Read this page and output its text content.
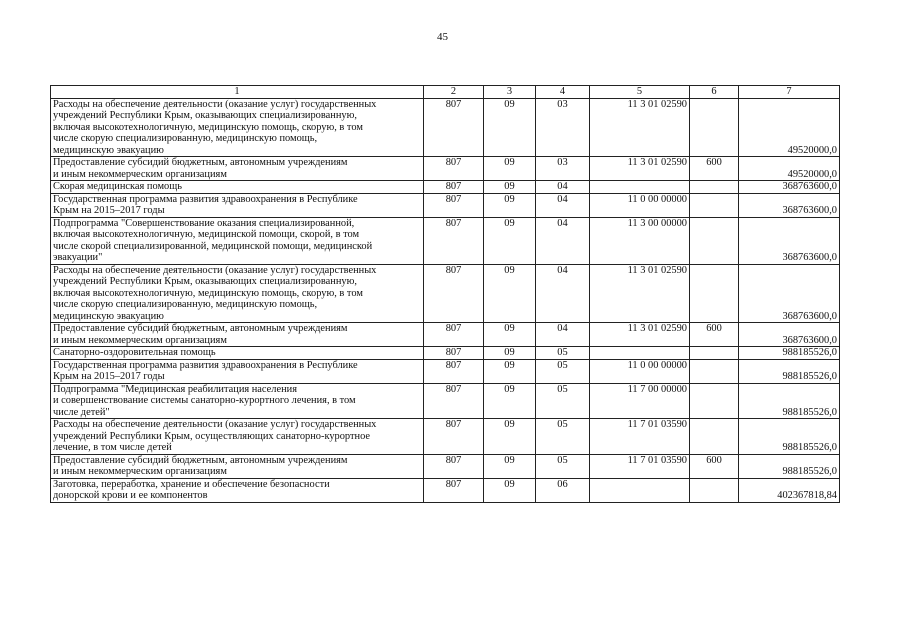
45
1	2	3	4	5	6	7
Расходы на обеспечение деятельности (оказание услуг) государственных
учреждений Республики Крым, оказывающих специализированную,
включая высокотехнологичную, медицинскую помощь, скорую, в том
числе скорую специализированную, медицинскую помощь,
медицинскую эвакуацию	807	09	03	11 3 01 02590		49520000,0
Предоставление субсидий бюджетным, автономным учреждениям
и иным некоммерческим организациям	807	09	03	11 3 01 02590	600	49520000,0
Скорая медицинская помощь	807	09	04			368763600,0
Государственная программа развития здравоохранения в Республике
Крым на 2015–2017 годы	807	09	04	11 0 00 00000		368763600,0
Подпрограмма "Совершенствование оказания специализированной,
включая высокотехнологичную, медицинской помощи, скорой, в том
числе скорой специализированной, медицинской помощи, медицинской
эвакуации"	807	09	04	11 3 00 00000		368763600,0
Расходы на обеспечение деятельности (оказание услуг) государственных
учреждений Республики Крым, оказывающих специализированную,
включая высокотехнологичную, медицинскую помощь, скорую, в том
числе скорую специализированную, медицинскую помощь,
медицинскую эвакуацию	807	09	04	11 3 01 02590		368763600,0
Предоставление субсидий бюджетным, автономным учреждениям
и иным некоммерческим организациям	807	09	04	11 3 01 02590	600	368763600,0
Санаторно-оздоровительная помощь	807	09	05			988185526,0
Государственная программа развития здравоохранения в Республике
Крым на 2015–2017 годы	807	09	05	11 0 00 00000		988185526,0
Подпрограмма "Медицинская реабилитация населения
и совершенствование системы санаторно-курортного лечения, в том
числе детей"	807	09	05	11 7 00 00000		988185526,0
Расходы на обеспечение деятельности (оказание услуг) государственных
учреждений Республики Крым, осуществляющих санаторно-курортное
лечение, в том числе детей	807	09	05	11 7 01 03590		988185526,0
Предоставление субсидий бюджетным, автономным учреждениям
и иным некоммерческим организациям	807	09	05	11 7 01 03590	600	988185526,0
Заготовка, переработка, хранение и обеспечение безопасности
донорской крови и ее компонентов	807	09	06			402367818,84
